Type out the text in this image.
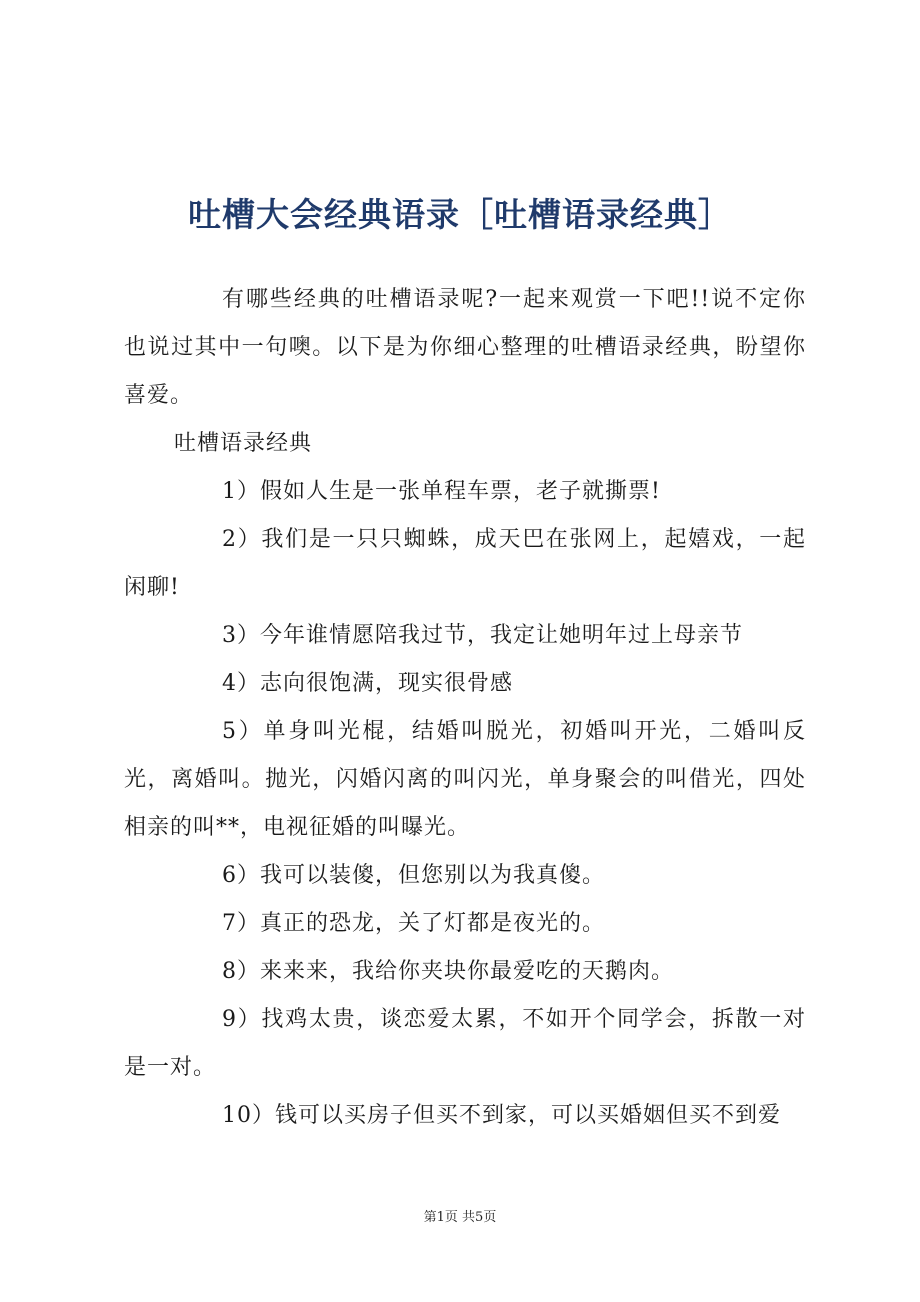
吐槽大会经典语录［吐槽语录经典］

有哪些经典的吐槽语录呢?一起来观赏一下吧!!说不定你也说过其中一句噢。以下是为你细心整理的吐槽语录经典，盼望你喜爱。

吐槽语录经典

1）假如人生是一张单程车票，老子就撕票!

2）我们是一只只蜘蛛，成天巴在张网上，起嬉戏，一起闲聊!

3）今年谁情愿陪我过节，我定让她明年过上母亲节

4）志向很饱满，现实很骨感

5）单身叫光棍，结婚叫脱光，初婚叫开光，二婚叫反光，离婚叫。抛光，闪婚闪离的叫闪光，单身聚会的叫借光，四处相亲的叫**，电视征婚的叫曝光。

6）我可以装傻，但您别以为我真傻。

7）真正的恐龙，关了灯都是夜光的。

8）来来来，我给你夹块你最爱吃的天鹅肉。

9）找鸡太贵，谈恋爱太累，不如开个同学会，拆散一对是一对。

10）钱可以买房子但买不到家，可以买婚姻但买不到爱

第1页 共5页
